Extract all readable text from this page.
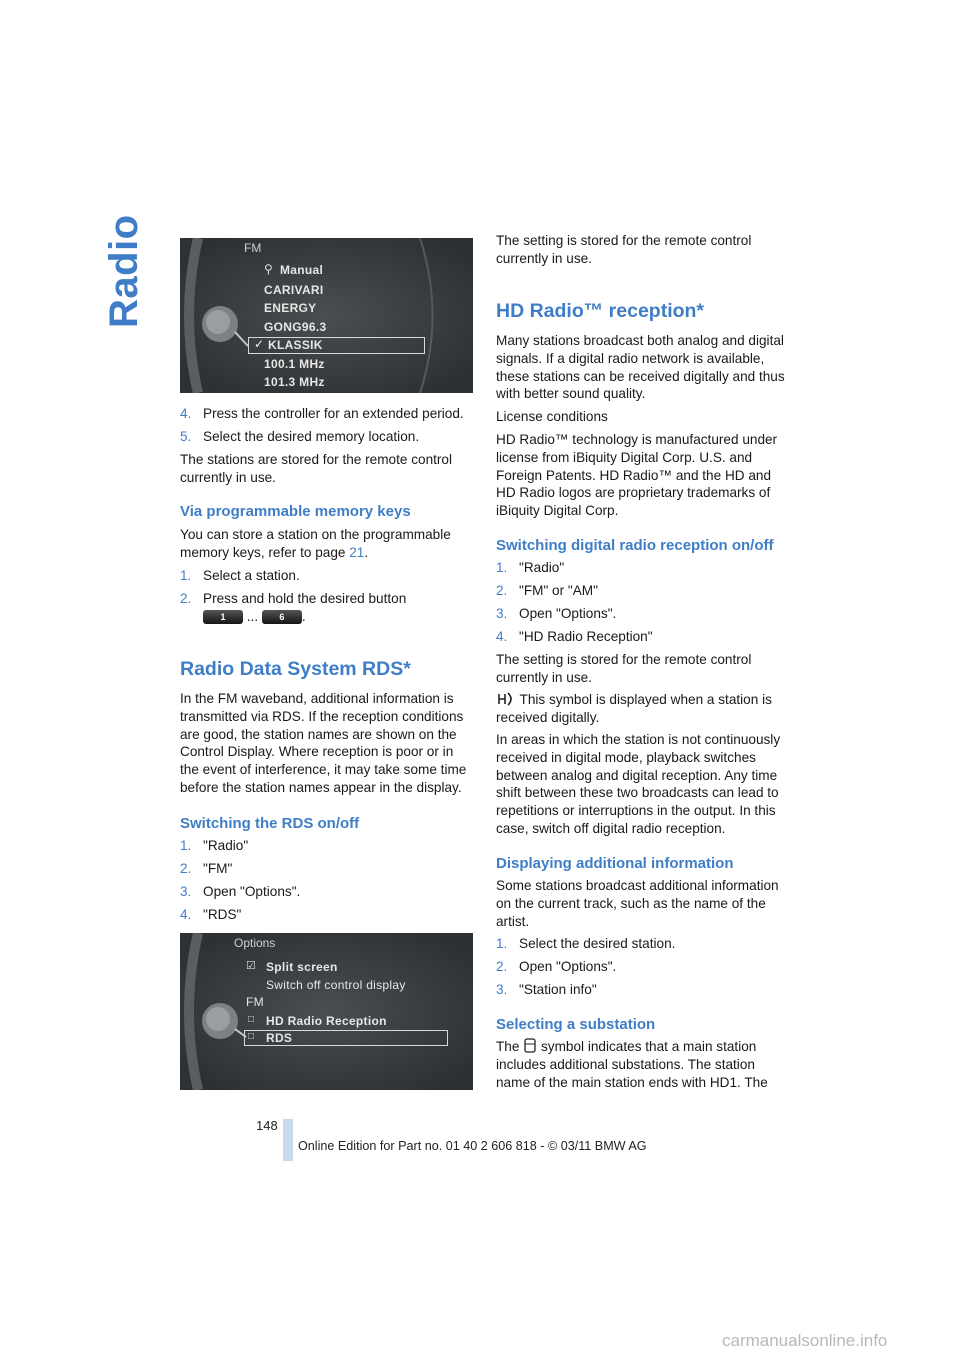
Radio	FM
Manual
⚲
CARIVARI
ENERGY
GONG96.3
✓ KLASSIK
100.1 MHz
101.3 MHz

4. Press the controller for an extended period.

5. Select the desired memory location.

The stations are stored for the remote control currently in use.

Via programmable memory keys

You can store a station on the programmable memory keys, refer to page 21.

1. Select a station.

2. Press and hold the desired button

1 ... 6 .

Radio Data System RDS*

In the FM waveband, additional information is transmitted via RDS. If the reception conditions are good, the station names are shown on the Control Display. Where reception is poor or in the event of interference, it may take some time before the station names appear in the display.

Switching the RDS on/off

1. "Radio"

2. "FM"

3. Open "Options".

4. "RDS"

Options
☑ Split screen
Switch off control display
FM
□ HD Radio Reception
□ RDS

The setting is stored for the remote control currently in use.

HD Radio™ reception*

Many stations broadcast both analog and digital signals. If a digital radio network is available, these stations can be received digitally and thus with better sound quality.

License conditions

HD Radio™ technology is manufactured under license from iBiquity Digital Corp. U.S. and Foreign Patents. HD Radio™ and the HD and HD Radio logos are proprietary trademarks of iBiquity Digital Corp.

Switching digital radio reception on/off

1. "Radio"

2. "FM" or "AM"

3. Open "Options".

4. "HD Radio Reception"

The setting is stored for the remote control currently in use.

This symbol is displayed when a station is received digitally.

In areas in which the station is not continuously received in digital mode, playback switches between analog and digital reception. Any time shift between these two broadcasts can lead to repetitions or interruptions in the output. In this case, switch off digital radio reception.

Displaying additional information

Some stations broadcast additional information on the current track, such as the name of the artist.

1. Select the desired station.

2. Open "Options".

3. "Station info"

Selecting a substation

The symbol indicates that a main station includes additional substations. The station name of the main station ends with HD1. The

148
Online Edition for Part no. 01 40 2 606 818 - © 03/11 BMW AG
carmanualsonline.info
